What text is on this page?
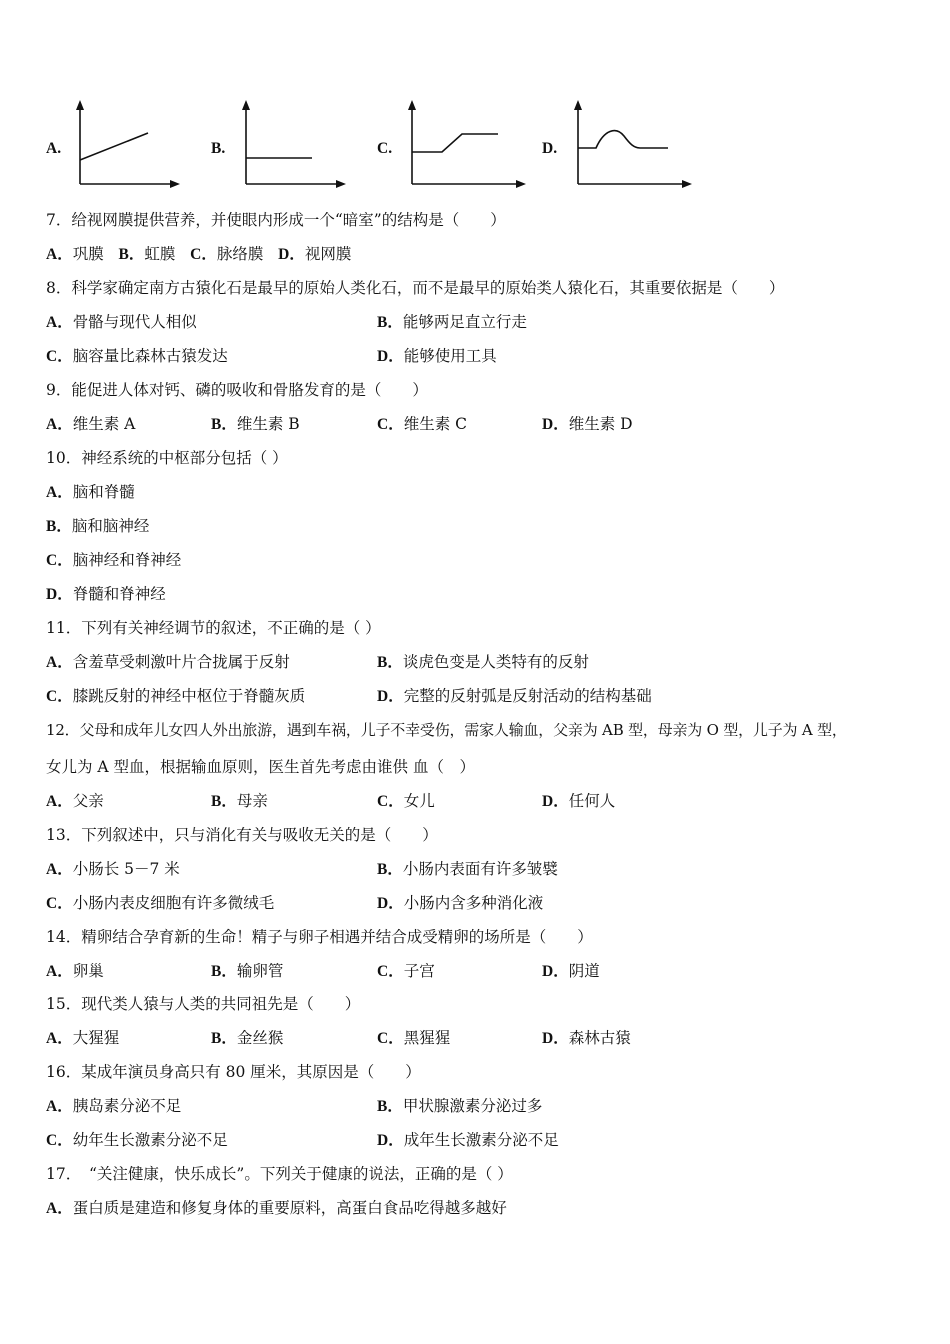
A.	B.	C.	D.
7．给视网膜提供营养，并使眼内形成一个“暗室”的结构是（　　）
A．巩膜 B．虹膜 C．脉络膜 D．视网膜
8．科学家确定南方古猿化石是最早的原始人类化石，而不是最早的原始类人猿化石，其重要依据是（　　）
A．骨骼与现代人相似	B．能够两足直立行走
C．脑容量比森林古猿发达	D．能够使用工具
9．能促进人体对钙、磷的吸收和骨胳发育的是（　　）
A．维生素 A	B．维生素 B	C．维生素 C	D．维生素 D
10．神经系统的中枢部分包括（ ）
A．脑和脊髓
B．脑和脑神经
C．脑神经和脊神经
D．脊髓和脊神经
11．下列有关神经调节的叙述，不正确的是（ ）
A．含羞草受刺激叶片合拢属于反射	B．谈虎色变是人类特有的反射
C．膝跳反射的神经中枢位于脊髓灰质	D．完整的反射弧是反射活动的结构基础
12．父母和成年儿女四人外出旅游，遇到车祸，儿子不幸受伤，需家人输血，父亲为 AB 型，母亲为 O 型，儿子为 A 型，
女儿为 A 型血，根据输血原则，医生首先考虑由谁供 血（　）
A．父亲	B．母亲	C．女儿	D．任何人
13．下列叙述中，只与消化有关与吸收无关的是（　　）
A．小肠长 5－7 米	B．小肠内表面有许多皱襞
C．小肠内表皮细胞有许多微绒毛	D．小肠内含多种消化液
14．精卵结合孕育新的生命！精子与卵子相遇并结合成受精卵的场所是（　　）
A．卵巢	B．输卵管	C．子宫	D．阴道
15．现代类人猿与人类的共同祖先是（　　）
A．大猩猩	B．金丝猴	C．黑猩猩	D．森林古猿
16．某成年演员身高只有 80 厘米，其原因是（　　）
A．胰岛素分泌不足	B．甲状腺激素分泌过多
C．幼年生长激素分泌不足	D．成年生长激素分泌不足
17．　“关注健康，快乐成长”。下列关于健康的说法，正确的是（ ）
A．蛋白质是建造和修复身体的重要原料，高蛋白食品吃得越多越好
